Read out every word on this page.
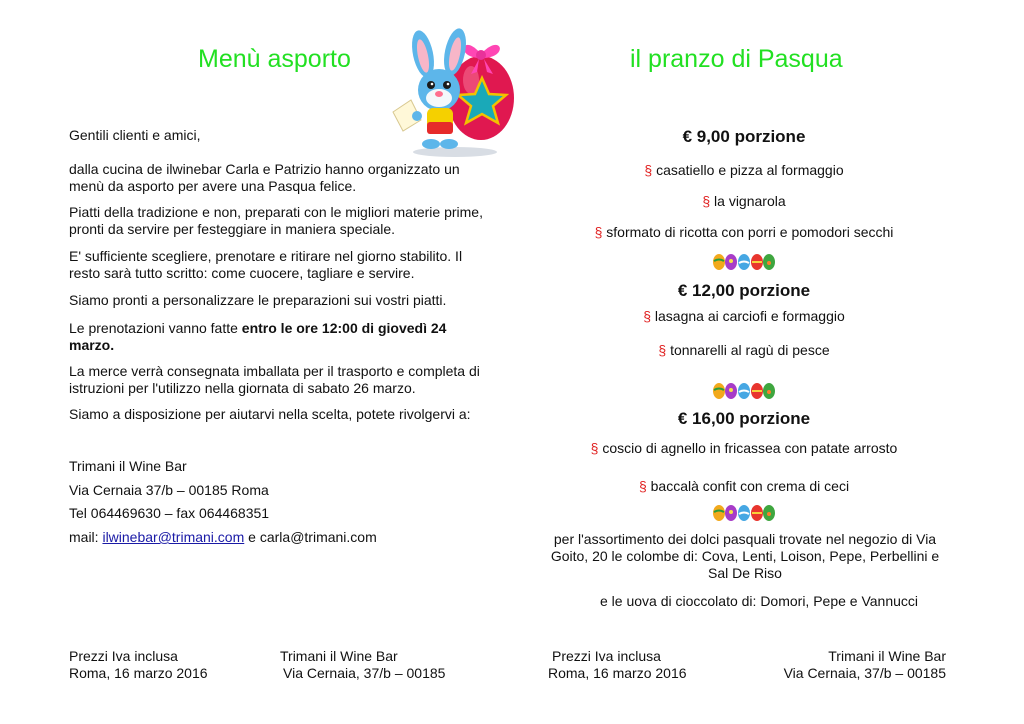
Menù asporto	il pranzo di Pasqua
Gentili clienti e amici,
dalla cucina de ilwinebar Carla e Patrizio hanno organizzato un menù da asporto per avere una Pasqua felice.
Piatti della tradizione e non, preparati con le migliori materie prime, pronti da servire per festeggiare in maniera speciale.
E' sufficiente scegliere, prenotare e ritirare nel giorno stabilito. Il resto sarà tutto scritto: come cuocere, tagliare e servire.
Siamo pronti a personalizzare le preparazioni sui vostri piatti.
Le prenotazioni vanno fatte entro le ore 12:00 di giovedì 24 marzo.
La merce verrà consegnata imballata per il trasporto e completa di istruzioni per l'utilizzo nella giornata di sabato 26 marzo.
Siamo a disposizione per aiutarvi nella scelta, potete rivolgervi a:
Trimani il Wine Bar
Via Cernaia 37/b – 00185 Roma
Tel 064469630 – fax 064468351
mail: ilwinebar@trimani.com e carla@trimani.com
€ 9,00 porzione
§ casatiello e pizza al formaggio
§ la vignarola
§ sformato di ricotta con porri e pomodori secchi
€ 12,00 porzione
§ lasagna ai carciofi e formaggio
§ tonnarelli al ragù di pesce
€ 16,00 porzione
§ coscio di agnello in fricassea con patate arrosto
§ baccalà confit con crema di ceci
per l'assortimento dei dolci pasquali trovate nel negozio di Via Goito, 20 le colombe di: Cova, Lenti, Loison, Pepe, Perbellini e Sal De Riso
e le uova di cioccolato di: Domori, Pepe e Vannucci
Prezzi Iva inclusa
Roma, 16 marzo 2016
Trimani il Wine Bar
Via Cernaia, 37/b – 00185
Prezzi Iva inclusa
Roma, 16 marzo 2016
Trimani il Wine Bar
Via Cernaia, 37/b – 00185
